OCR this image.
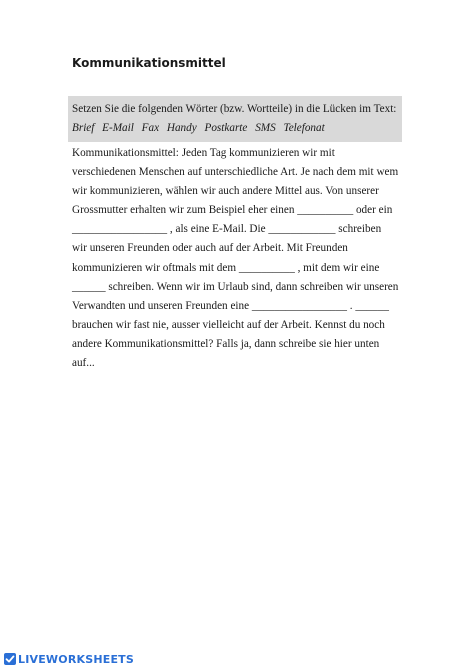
Kommunikationsmittel
Setzen Sie die folgenden Wörter (bzw. Wortteile) in die Lücken im Text:
Brief E-Mail Fax Handy Postkarte SMS Telefonat
Kommunikationsmittel: Jeden Tag kommunizieren wir mit
verschiedenen Menschen auf unterschiedliche Art. Je nach dem mit wem
wir kommunizieren, wählen wir auch andere Mittel aus. Von unserer
Grossmutter erhalten wir zum Beispiel eher einen __________ oder ein
_________________ , als eine E-Mail. Die ____________ schreiben
wir unseren Freunden oder auch auf der Arbeit. Mit Freunden
kommunizieren wir oftmals mit dem __________ , mit dem wir eine
______ schreiben. Wenn wir im Urlaub sind, dann schreiben wir unseren
Verwandten und unseren Freunden eine _________________ . ______
brauchen wir fast nie, ausser vielleicht auf der Arbeit. Kennst du noch
andere Kommunikationsmittel? Falls ja, dann schreibe sie hier unten
auf...
LIVEWORKSHEETS
